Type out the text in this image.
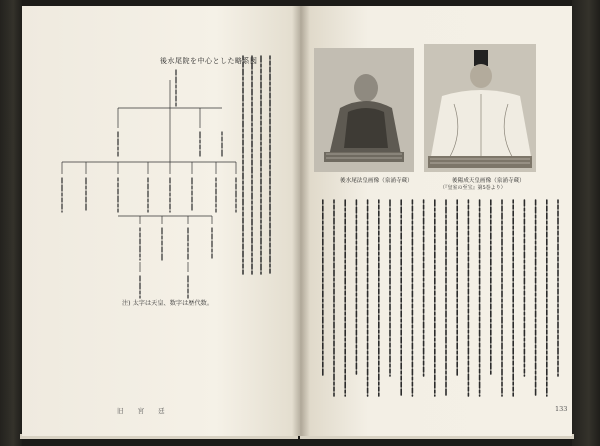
後水尾院を中心とした略系図
注) 太字は天皇、数字は歴代数。
旧 宮 廷
後水尾法皇画像（泉涌寺蔵）	後陽成天皇画像（泉涌寺蔵）
（『皇室の至宝』第5巻より）
133
